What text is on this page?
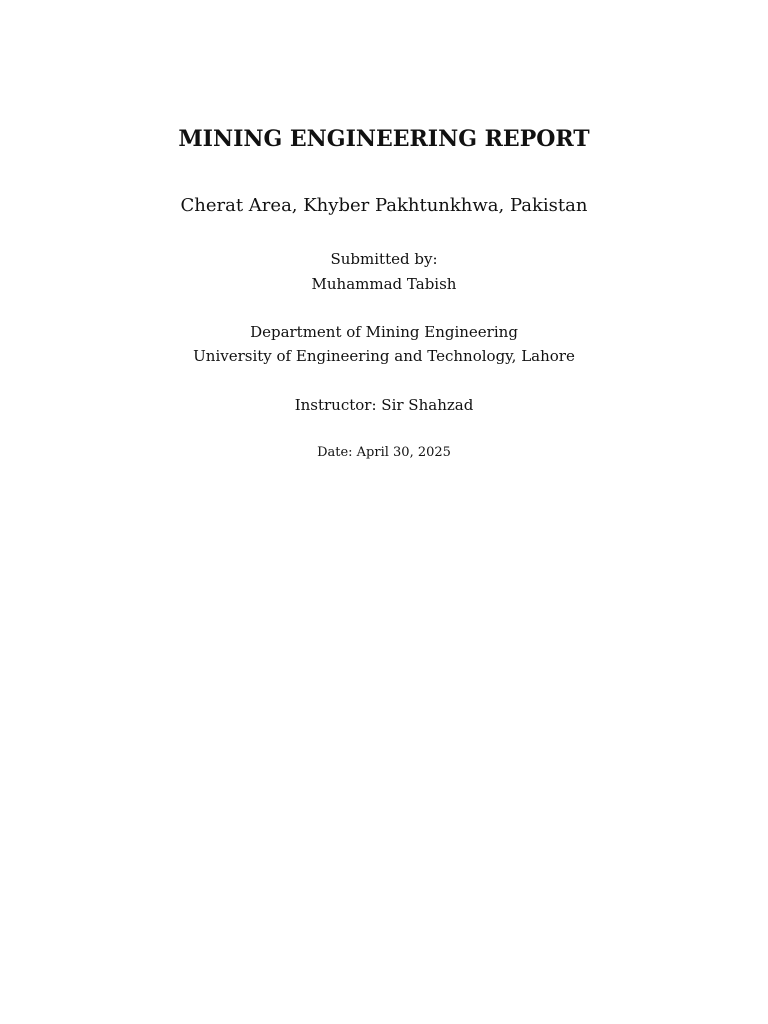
MINING ENGINEERING REPORT
Cherat Area, Khyber Pakhtunkhwa, Pakistan
Submitted by:
Muhammad Tabish
Department of Mining Engineering
University of Engineering and Technology, Lahore
Instructor: Sir Shahzad
Date: April 30, 2025
